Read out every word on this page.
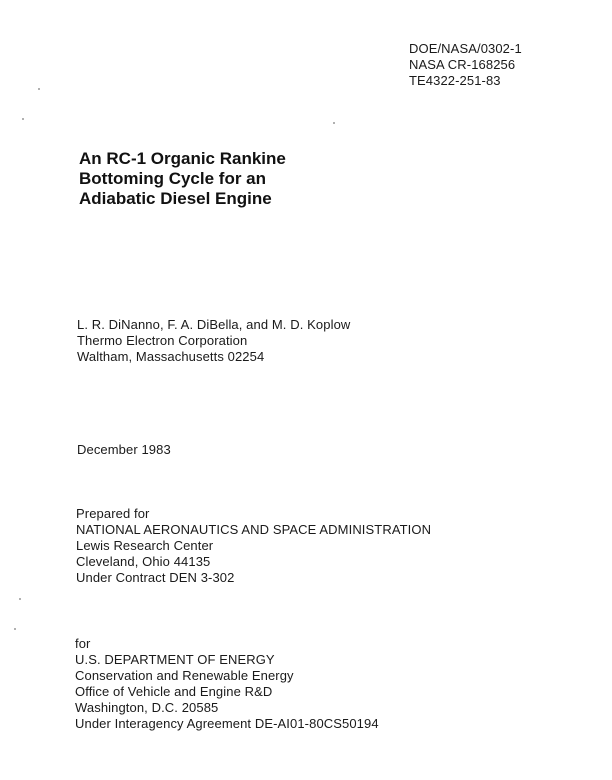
DOE/NASA/0302-1
NASA CR-168256
TE4322-251-83
An RC-1 Organic Rankine
Bottoming Cycle for an
Adiabatic Diesel Engine
L. R. DiNanno, F. A. DiBella, and M. D. Koplow
Thermo Electron Corporation
Waltham, Massachusetts 02254
December 1983
Prepared for
NATIONAL AERONAUTICS AND SPACE ADMINISTRATION
Lewis Research Center
Cleveland, Ohio 44135
Under Contract DEN 3-302
for
U.S. DEPARTMENT OF ENERGY
Conservation and Renewable Energy
Office of Vehicle and Engine R&D
Washington, D.C. 20585
Under Interagency Agreement DE-AI01-80CS50194
